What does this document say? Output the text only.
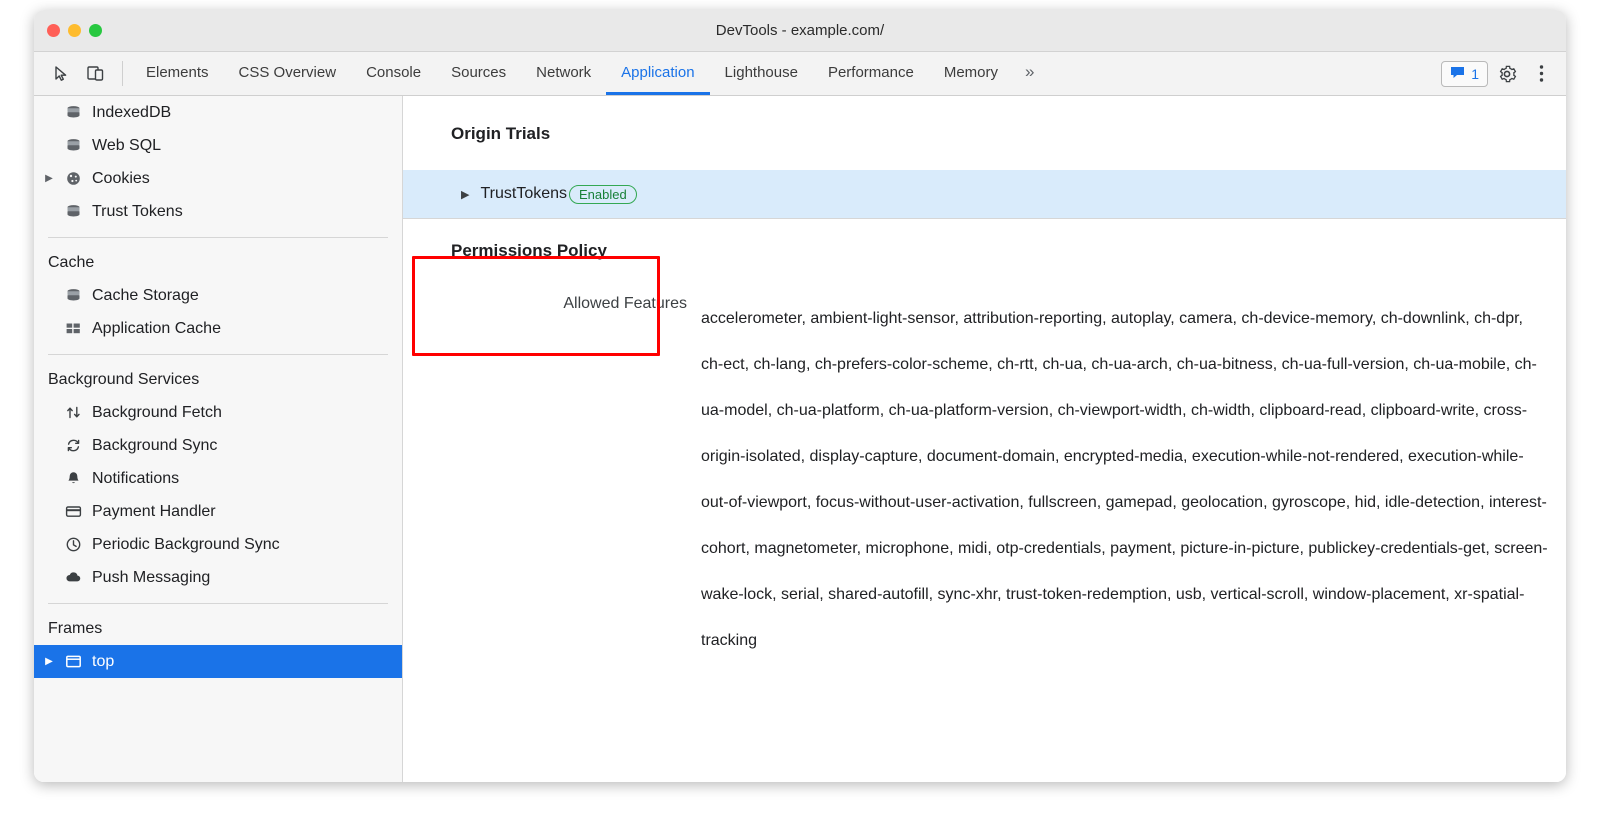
DevTools - example.com/
Elements	CSS Overview	Console	Sources	Network	Application	Lighthouse	Performance	Memory	»	1
IndexedDB
Web SQL
▶ Cookies
Trust Tokens
Cache
Cache Storage
Application Cache
Background Services
Background Fetch
Background Sync
Notifications
Payment Handler
Periodic Background Sync
Push Messaging
Frames
▶ top
Origin Trials
▶ TrustTokens Enabled
Permissions Policy
Allowed Features
accelerometer, ambient-light-sensor, attribution-reporting, autoplay, camera, ch-device-memory, ch-downlink, ch-dpr, ch-ect, ch-lang, ch-prefers-color-scheme, ch-rtt, ch-ua, ch-ua-arch, ch-ua-bitness, ch-ua-full-version, ch-ua-mobile, ch-ua-model, ch-ua-platform, ch-ua-platform-version, ch-viewport-width, ch-width, clipboard-read, clipboard-write, cross-origin-isolated, display-capture, document-domain, encrypted-media, execution-while-not-rendered, execution-while-out-of-viewport, focus-without-user-activation, fullscreen, gamepad, geolocation, gyroscope, hid, idle-detection, interest-cohort, magnetometer, microphone, midi, otp-credentials, payment, picture-in-picture, publickey-credentials-get, screen-wake-lock, serial, shared-autofill, sync-xhr, trust-token-redemption, usb, vertical-scroll, window-placement, xr-spatial-tracking
